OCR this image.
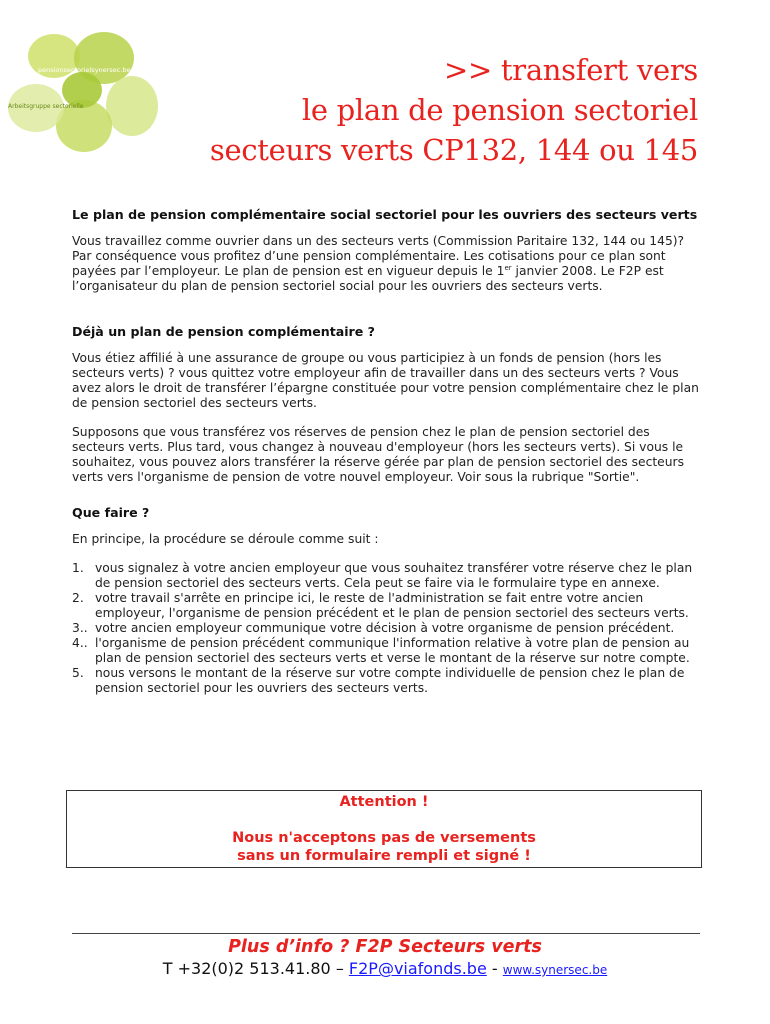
pensionsectorielsynersec.be
Arbeitsgruppe sectorielle
>> transfert vers
le plan de pension sectoriel
secteurs verts CP132, 144 ou 145
Le plan de pension complémentaire social sectoriel pour les ouvriers des secteurs verts

Vous travaillez comme ouvrier dans un des secteurs verts (Commission Paritaire 132, 144 ou 145)? Par conséquence vous profitez d’une pension complémentaire. Les cotisations pour ce plan sont payées par l’employeur. Le plan de pension est en vigueur depuis le 1er janvier 2008. Le F2P est l’organisateur du plan de pension sectoriel social pour les ouvriers des secteurs verts.

Déjà un plan de pension complémentaire ?

Vous étiez affilié à une assurance de groupe ou vous participiez à un fonds de pension (hors les secteurs verts) ? vous quittez votre employeur afin de travailler dans un des secteurs verts ? Vous avez alors le droit de transférer l’épargne constituée pour votre pension complémentaire chez le plan de pension sectoriel des secteurs verts.

Supposons que vous transférez vos réserves de pension chez le plan de pension sectoriel des secteurs verts. Plus tard, vous changez à nouveau d'employeur (hors les secteurs verts). Si vous le souhaitez, vous pouvez alors transférer la réserve gérée par plan de pension sectoriel des secteurs verts vers l'organisme de pension de votre nouvel employeur. Voir sous la rubrique "Sortie".

Que faire ?

En principe, la procédure se déroule comme suit :

1. vous signalez à votre ancien employeur que vous souhaitez transférer votre réserve chez le plan de pension sectoriel des secteurs verts. Cela peut se faire via le formulaire type en annexe.
2. votre travail s'arrête en principe ici, le reste de l'administration se fait entre votre ancien employeur, l'organisme de pension précédent et le plan de pension sectoriel des secteurs verts.
3.. votre ancien employeur communique votre décision à votre organisme de pension précédent.
4.. l'organisme de pension précédent communique l'information relative à votre plan de pension au plan de pension sectoriel des secteurs verts et verse le montant de la réserve sur notre compte.
5. nous versons le montant de la réserve sur votre compte individuelle de pension chez le plan de pension sectoriel pour les ouvriers des secteurs verts.
Attention !
Nous n'acceptons pas de versements
sans un formulaire rempli et signé !
Plus d’info ? F2P Secteurs verts
T +32(0)2 513.41.80 – F2P@viafonds.be - www.synersec.be
